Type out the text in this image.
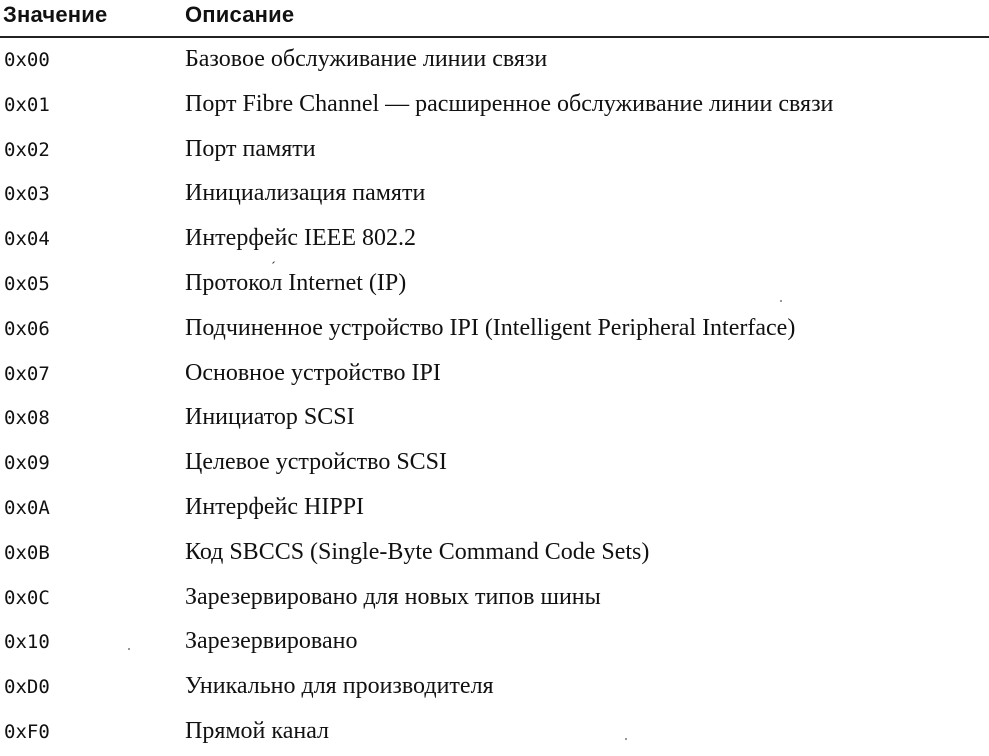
Значение	Описание
0x00	Базовое обслуживание линии связи
0x01	Порт Fibre Channel — расширенное обслуживание линии связи
0x02	Порт памяти
0x03	Инициализация памяти
0x04	Интерфейс IEEE 802.2
0x05	Протокол Internet (IP)
0x06	Подчиненное устройство IPI (Intelligent Peripheral Interface)
0x07	Основное устройство IPI
0x08	Инициатор SCSI
0x09	Целевое устройство SCSI
0x0A	Интерфейс HIPPI
0x0B	Код SBCCS (Single-Byte Command Code Sets)
0x0C	Зарезервировано для новых типов шины
0x10	Зарезервировано
0xD0	Уникально для производителя
0xF0	Прямой канал
